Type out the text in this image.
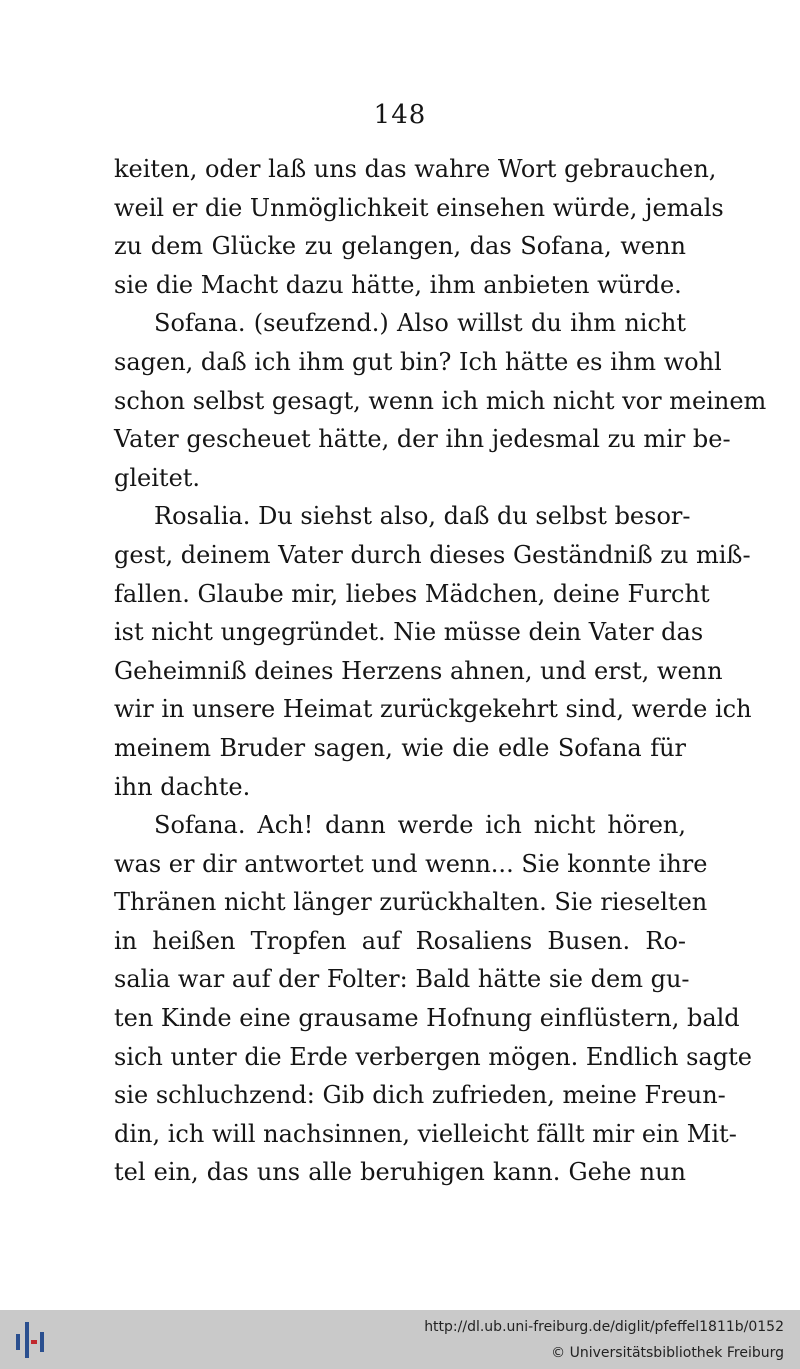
148
keiten, oder laß uns das wahre Wort gebrauchen,
weil er die Unmöglichkeit einsehen würde, jemals
zu dem Glücke zu gelangen, das Sofana, wenn
sie die Macht dazu hätte, ihm anbieten würde.
Sofana. (seufzend.) Also willst du ihm nicht
sagen, daß ich ihm gut bin? Ich hätte es ihm wohl
schon selbst gesagt, wenn ich mich nicht vor meinem
Vater gescheuet hätte, der ihn jedesmal zu mir be-
gleitet.
Rosalia. Du siehst also, daß du selbst besor-
gest, deinem Vater durch dieses Geständniß zu miß-
fallen. Glaube mir, liebes Mädchen, deine Furcht
ist nicht ungegründet. Nie müsse dein Vater das
Geheimniß deines Herzens ahnen, und erst, wenn
wir in unsere Heimat zurückgekehrt sind, werde ich
meinem Bruder sagen, wie die edle Sofana für
ihn dachte.
Sofana. Ach! dann werde ich nicht hören,
was er dir antwortet und wenn... Sie konnte ihre
Thränen nicht länger zurückhalten. Sie rieselten
in heißen Tropfen auf Rosaliens Busen. Ro-
salia war auf der Folter: Bald hätte sie dem gu-
ten Kinde eine grausame Hofnung einflüstern, bald
sich unter die Erde verbergen mögen. Endlich sagte
sie schluchzend: Gib dich zufrieden, meine Freun-
din, ich will nachsinnen, vielleicht fällt mir ein Mit-
tel ein, das uns alle beruhigen kann. Gehe nun
http://dl.ub.uni-freiburg.de/diglit/pfeffel1811b/0152
© Universitätsbibliothek Freiburg
